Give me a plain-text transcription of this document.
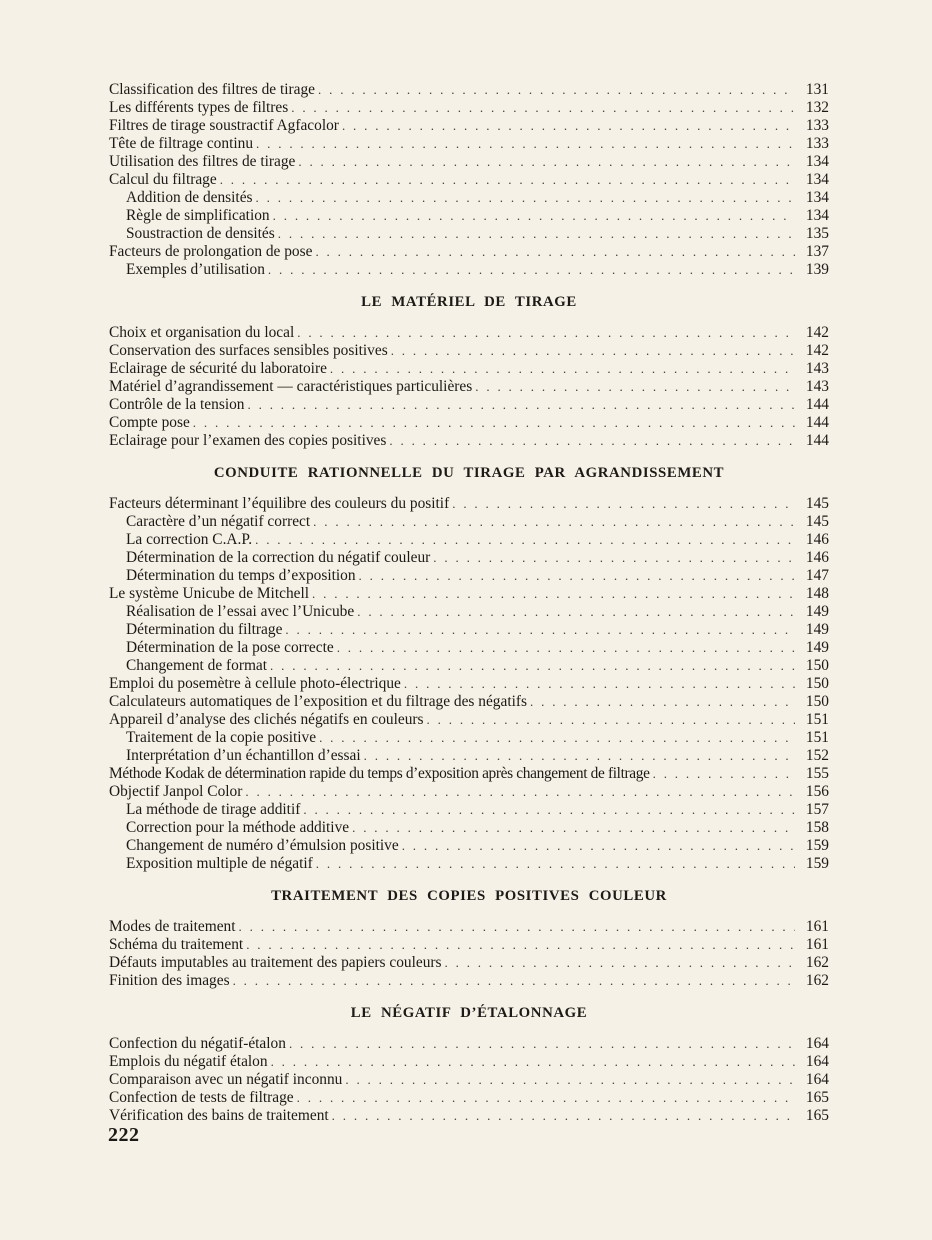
Classification des filtres de tirage . . .	131
Les différents types de filtres . . .	132
Filtres de tirage soustractif Agfacolor . . .	133
Tête de filtrage continu . . .	133
Utilisation des filtres de tirage . . .	134
Calcul du filtrage . . .	134
Addition de densités . . .	134
Règle de simplification . . .	134
Soustraction de densités . . .	135
Facteurs de prolongation de pose . . .	137
Exemples d’utilisation . . .	139
LE MATÉRIEL DE TIRAGE
Choix et organisation du local . . .	142
Conservation des surfaces sensibles positives . . .	142
Eclairage de sécurité du laboratoire . . .	143
Matériel d’agrandissement — caractéristiques particulières . . .	143
Contrôle de la tension . . .	144
Compte pose . . .	144
Eclairage pour l’examen des copies positives . . .	144
CONDUITE RATIONNELLE DU TIRAGE PAR AGRANDISSEMENT
Facteurs déterminant l’équilibre des couleurs du positif . . .	145
Caractère d’un négatif correct . . .	145
La correction C.A.P. . . .	146
Détermination de la correction du négatif couleur . . .	146
Détermination du temps d’exposition . . .	147
Le système Unicube de Mitchell . . .	148
Réalisation de l’essai avec l’Unicube . . .	149
Détermination du filtrage . . .	149
Détermination de la pose correcte . . .	149
Changement de format . . .	150
Emploi du posemètre à cellule photo-électrique . . .	150
Calculateurs automatiques de l’exposition et du filtrage des négatifs . . .	150
Appareil d’analyse des clichés négatifs en couleurs . . .	151
Traitement de la copie positive . . .	151
Interprétation d’un échantillon d’essai . . .	152
Méthode Kodak de détermination rapide du temps d’exposition après changement de filtrage . . .	155
Objectif Janpol Color . . .	156
La méthode de tirage additif . . .	157
Correction pour la méthode additive . . .	158
Changement de numéro d’émulsion positive . . .	159
Exposition multiple de négatif . . .	159
TRAITEMENT DES COPIES POSITIVES COULEUR
Modes de traitement . . .	161
Schéma du traitement . . .	161
Défauts imputables au traitement des papiers couleurs . . .	162
Finition des images . . .	162
LE NÉGATIF D’ÉTALONNAGE
Confection du négatif-étalon . . .	164
Emplois du négatif étalon . . .	164
Comparaison avec un négatif inconnu . . .	164
Confection de tests de filtrage . . .	165
Vérification des bains de traitement . . .	165
222
